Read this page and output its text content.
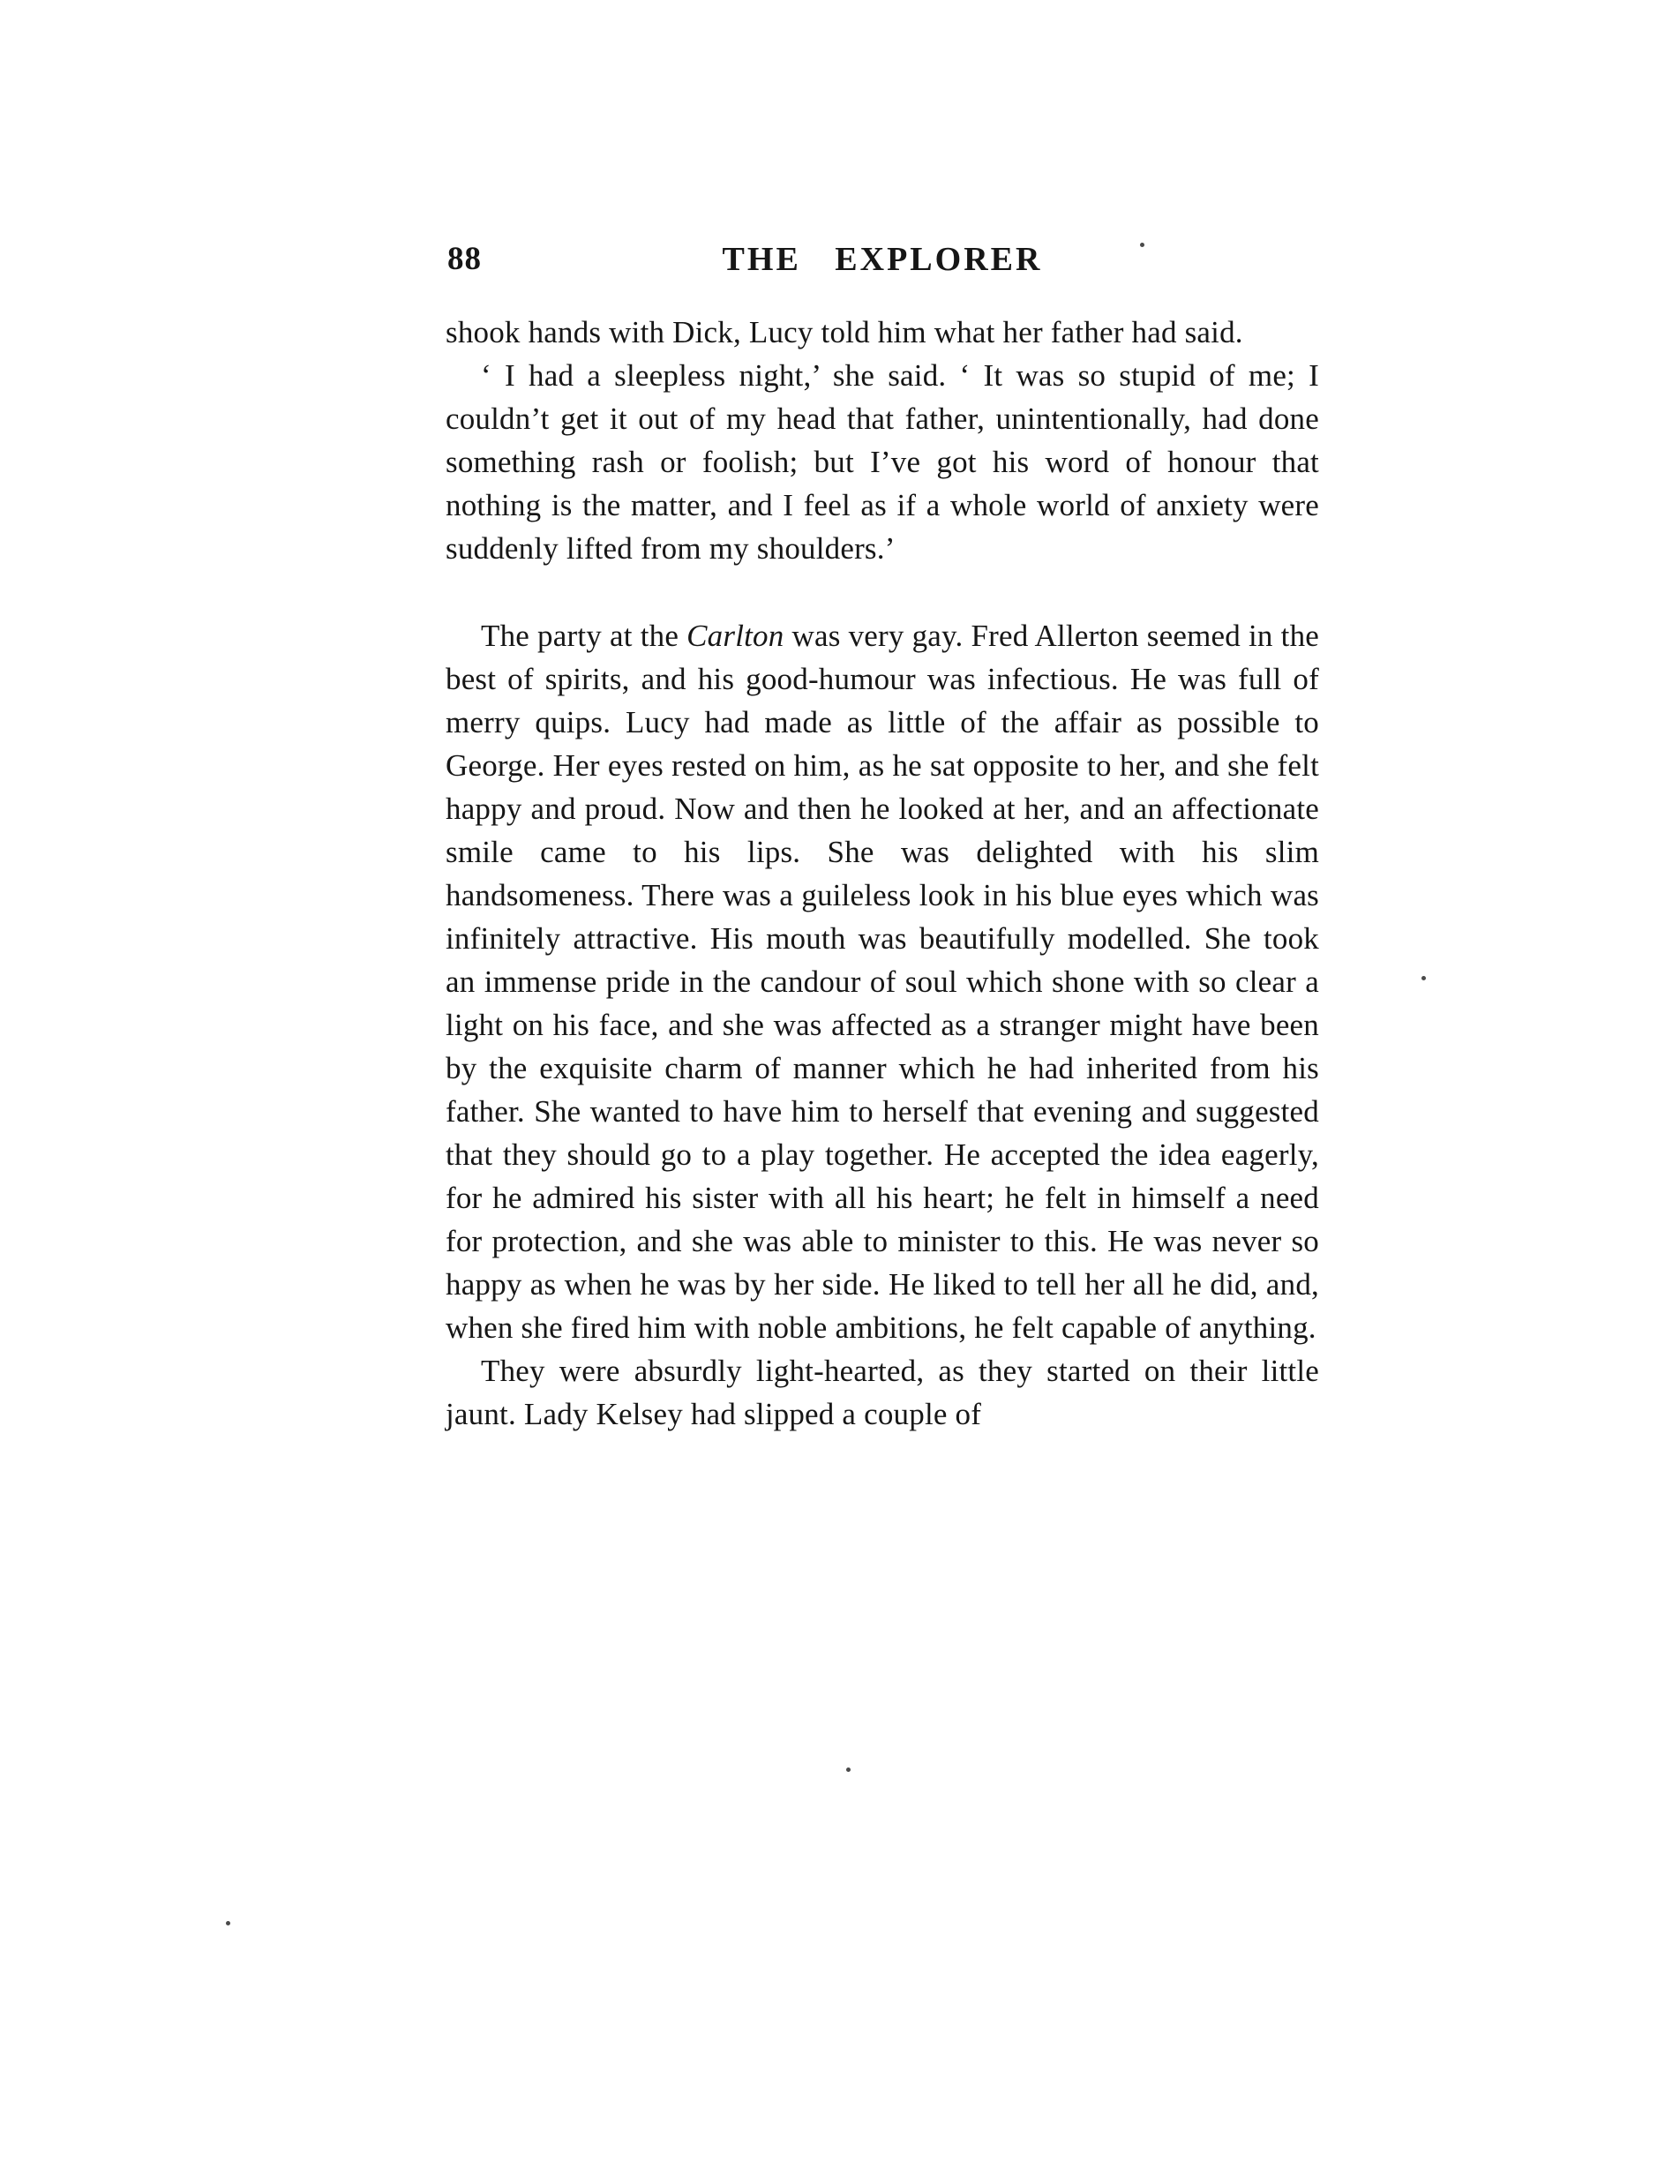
88	THE EXPLORER

shook hands with Dick, Lucy told him what her father had said.

‘ I had a sleepless night,’ she said. ‘ It was so stupid of me; I couldn’t get it out of my head that father, unintentionally, had done something rash or foolish; but I’ve got his word of honour that nothing is the matter, and I feel as if a whole world of anxiety were suddenly lifted from my shoulders.’

The party at the Carlton was very gay. Fred Allerton seemed in the best of spirits, and his good-humour was infectious. He was full of merry quips. Lucy had made as little of the affair as possible to George. Her eyes rested on him, as he sat opposite to her, and she felt happy and proud. Now and then he looked at her, and an affectionate smile came to his lips. She was delighted with his slim handsomeness. There was a guileless look in his blue eyes which was infinitely attractive. His mouth was beautifully modelled. She took an immense pride in the candour of soul which shone with so clear a light on his face, and she was affected as a stranger might have been by the exquisite charm of manner which he had inherited from his father. She wanted to have him to herself that evening and suggested that they should go to a play together. He accepted the idea eagerly, for he admired his sister with all his heart; he felt in himself a need for protection, and she was able to minister to this. He was never so happy as when he was by her side. He liked to tell her all he did, and, when she fired him with noble ambitions, he felt capable of anything.

They were absurdly light-hearted, as they started on their little jaunt. Lady Kelsey had slipped a couple of
